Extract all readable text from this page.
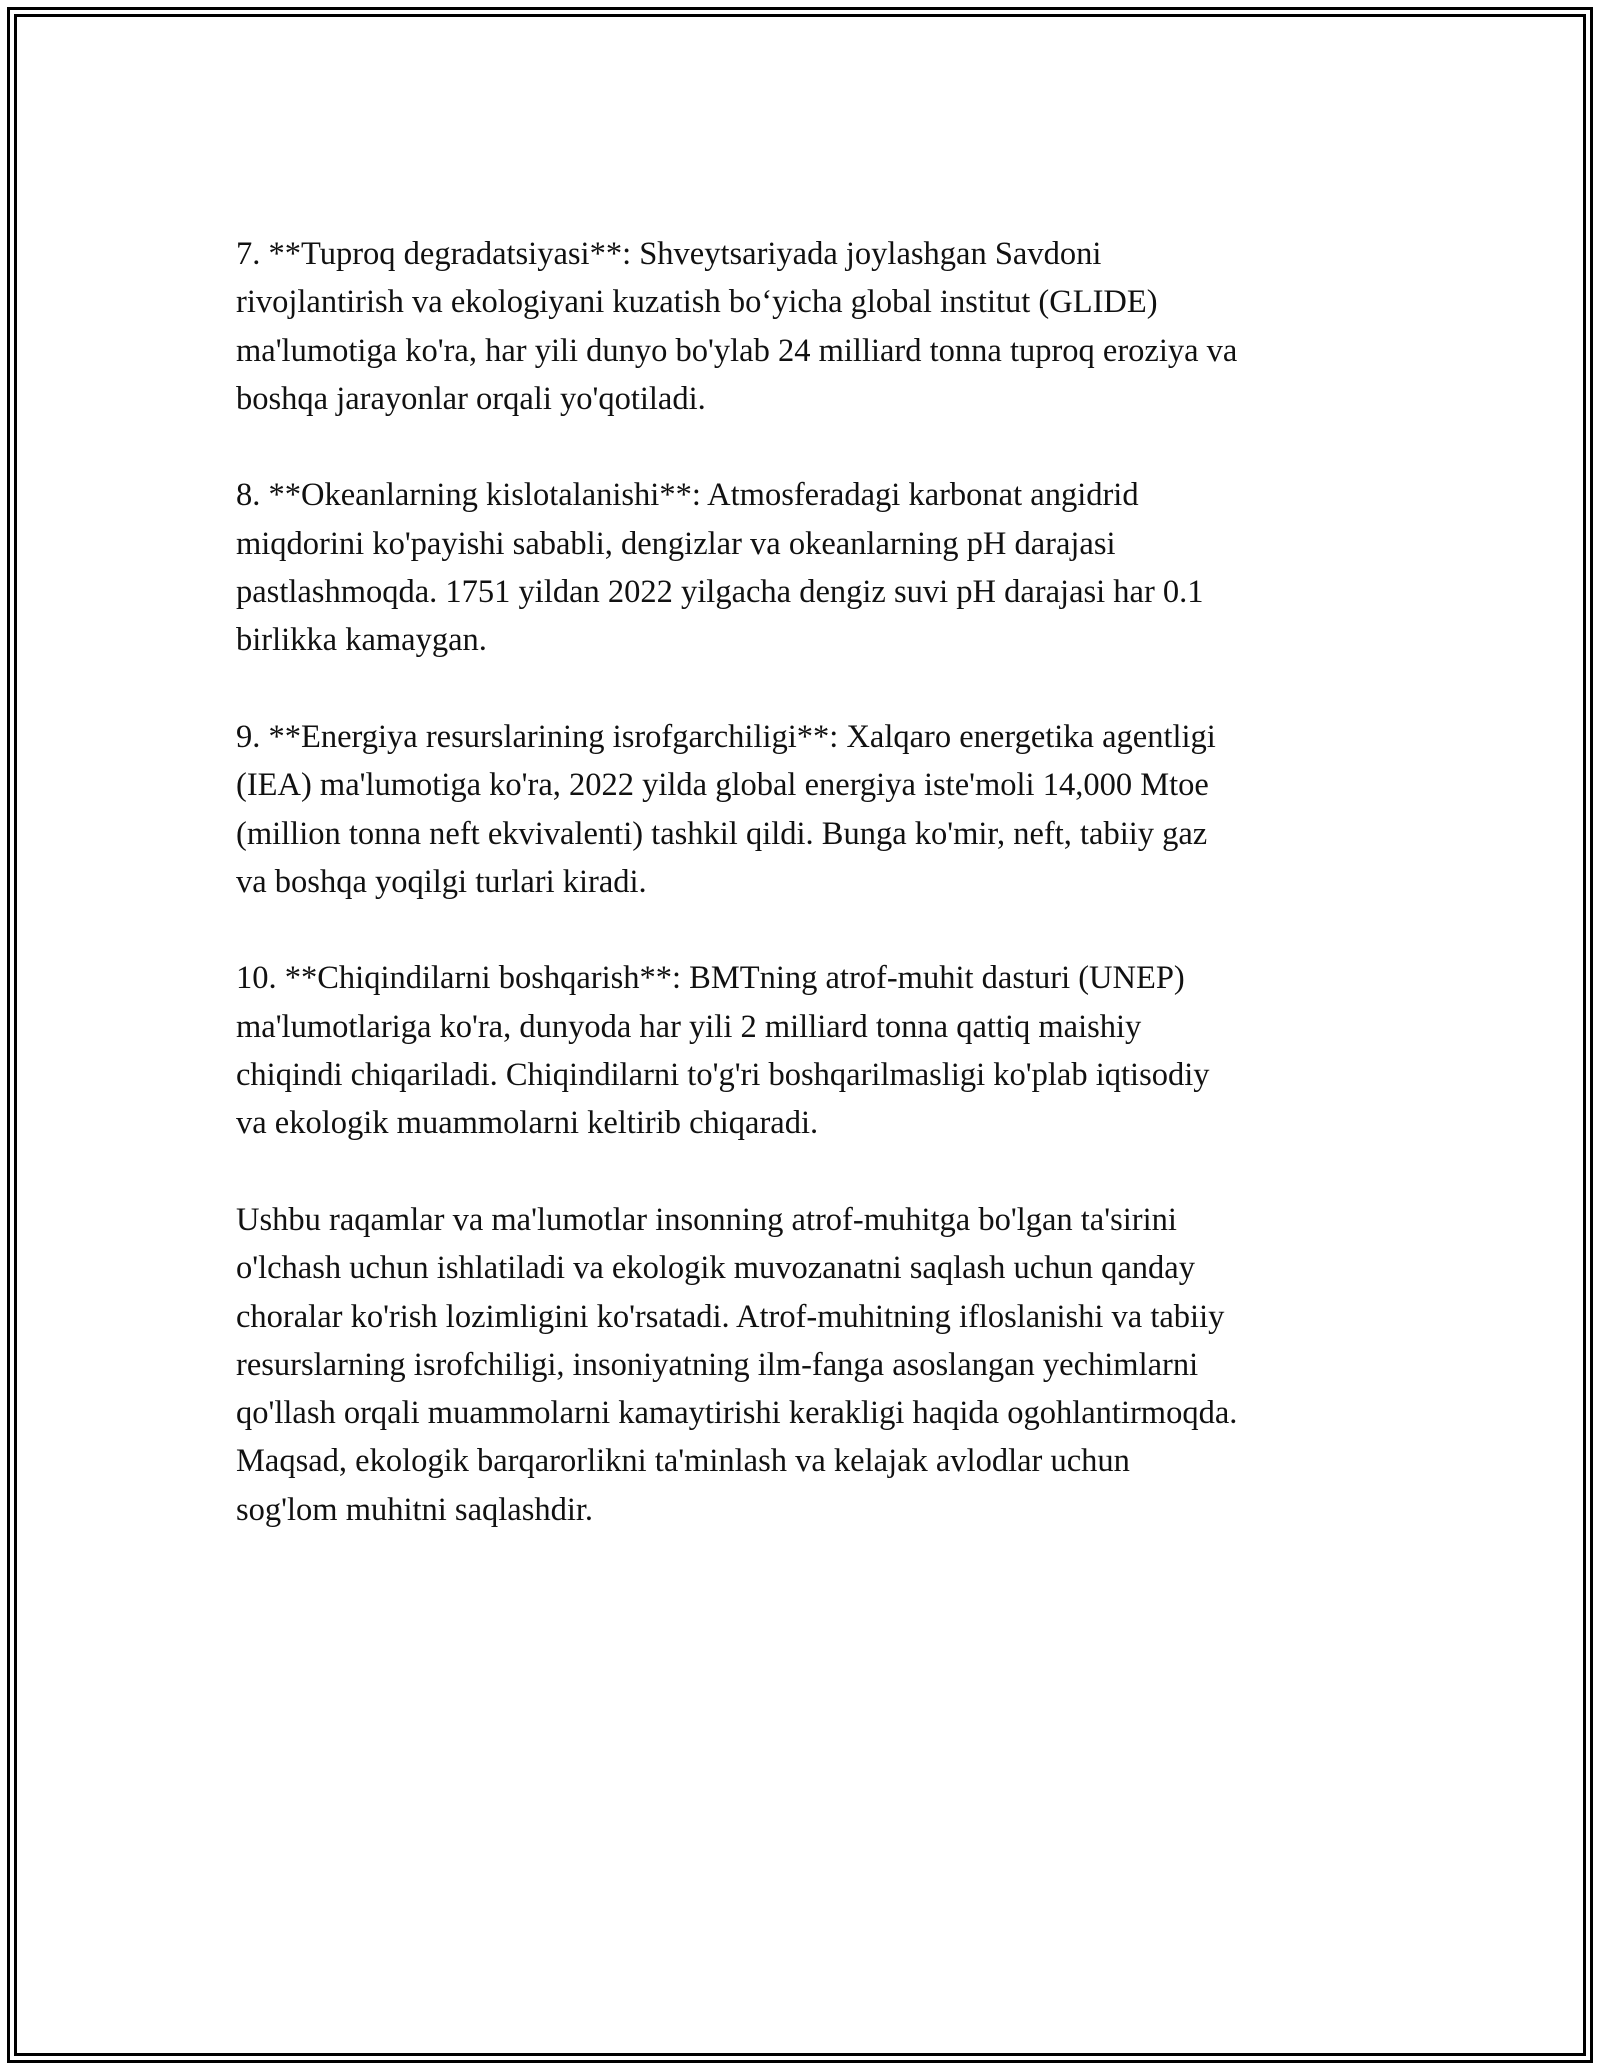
7. **Tuproq degradatsiyasi**: Shveytsariyada joylashgan Savdoni
rivojlantirish va ekologiyani kuzatish bo‘yicha global institut (GLIDE)
ma'lumotiga ko'ra, har yili dunyo bo'ylab 24 milliard tonna tuproq eroziya va
boshqa jarayonlar orqali yo'qotiladi.

8. **Okeanlarning kislotalanishi**: Atmosferadagi karbonat angidrid
miqdorini ko'payishi sababli, dengizlar va okeanlarning pH darajasi
pastlashmoqda. 1751 yildan 2022 yilgacha dengiz suvi pH darajasi har 0.1
birlikka kamaygan.

9. **Energiya resurslarining isrofgarchiligi**: Xalqaro energetika agentligi
(IEA) ma'lumotiga ko'ra, 2022 yilda global energiya iste'moli 14,000 Mtoe
(million tonna neft ekvivalenti) tashkil qildi. Bunga ko'mir, neft, tabiiy gaz
va boshqa yoqilgi turlari kiradi.

10. **Chiqindilarni boshqarish**: BMTning atrof-muhit dasturi (UNEP)
ma'lumotlariga ko'ra, dunyoda har yili 2 milliard tonna qattiq maishiy
chiqindi chiqariladi. Chiqindilarni to'g'ri boshqarilmasligi ko'plab iqtisodiy
va ekologik muammolarni keltirib chiqaradi.

Ushbu raqamlar va ma'lumotlar insonning atrof-muhitga bo'lgan ta'sirini
o'lchash uchun ishlatiladi va ekologik muvozanatni saqlash uchun qanday
choralar ko'rish lozimligini ko'rsatadi. Atrof-muhitning ifloslanishi va tabiiy
resurslarning isrofchiligi, insoniyatning ilm-fanga asoslangan yechimlarni
qo'llash orqali muammolarni kamaytirishi kerakligi haqida ogohlantirmoqda.
Maqsad, ekologik barqarorlikni ta'minlash va kelajak avlodlar uchun
sog'lom muhitni saqlashdir.
